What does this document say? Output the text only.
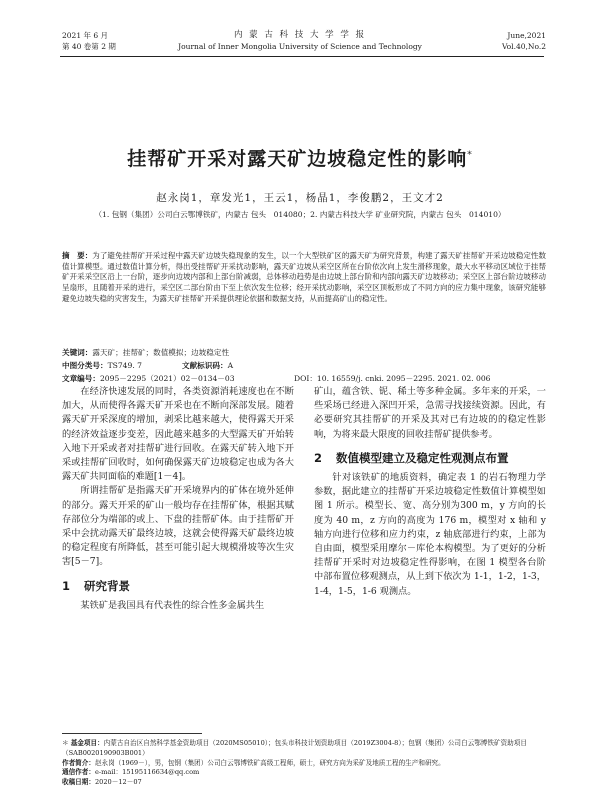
2021 年 6 月
第 40 卷第 2 期
内 蒙 古 科 技 大 学 学 报
Journal of Inner Mongolia University of Science and Technology
June,2021
Vol.40,No.2
挂帮矿开采对露天矿边坡稳定性的影响*
赵永岗1，章发光1，王云1，杨晶1，李俊鹏2，王文才2
（1. 包钢（集团）公司白云鄂博铁矿，内蒙古 包头　014080；2. 内蒙古科技大学 矿业研究院，内蒙古 包头　014010）
摘　要：为了避免挂帮矿开采过程中露天矿边坡失稳现象的发生，以一个大型铁矿区的露天矿为研究背景，构建了露天矿挂帮矿开采边坡稳定性数值计算模型。通过数值计算分析，得出受挂帮矿开采扰动影响，露天矿边坡从采空区所在台阶依次向上发生滑移现象，最大水平移动区域位于挂帮矿开采采空区沿上一台阶，逐步向边坡内部和上部台阶减弱，总体移动趋势是由边坡上部台阶和内部向露天矿边坡移动；采空区上部台阶边坡移动呈扇形，且随着开采的进行，采空区二部台阶由下至上依次发生位移；经开采扰动影响，采空区顶板形成了不同方向的应力集中现象，该研究能够避免边坡失稳的灾害发生，为露天矿挂帮矿开采提供理论依据和数据支持，从而提高矿山的稳定性。
关键词：露天矿；挂帮矿；数值模拟；边坡稳定性
中图分类号：TS749. 7	文献标识码：A
文章编号：2095－2295（2021）02－0134－03	DOI：10. 16559/j. cnki. 2095－2295. 2021. 02. 006

在经济快速发展的同时，各类资源消耗速度也在不断加大，从而使得各露天矿开采也在不断向深部发展。随着露天矿开采深度的增加，剥采比越来越大，使得露天开采的经济效益逐步变差，因此越来越多的大型露天矿开始转入地下开采或者对挂帮矿进行回收。在露天矿转入地下开采或挂帮矿回收时，如何确保露天矿边坡稳定也成为各大露天矿共同面临的难题[1－4]。

所谓挂帮矿是指露天矿开采境界内的矿体在境外延伸的部分。露天开采的矿山一般均存在挂帮矿体，根据其赋存部位分为端部的或上、下盘的挂帮矿体。由于挂帮矿开采中会扰动露天矿最终边坡，这就会使得露天矿最终边坡的稳定程度有所降低，甚至可能引起大规模滑坡等次生灾害[5－7]。

1 研究背景

某铁矿是我国具有代表性的综合性多金属共生

矿山，蕴含铁、铌、稀土等多种金属。多年来的开采，一些采场已经进入深凹开采，急需寻找接续资源。因此，有必要研究其挂帮矿的开采及其对已有边坡的的稳定性影响，为将来最大限度的回收挂帮矿提供参考。

2 数值模型建立及稳定性观测点布置

针对该铁矿的地质资料，确定表 1 的岩石物理力学参数，据此建立的挂帮矿开采边坡稳定性数值计算模型如图 1 所示。模型长、宽、高分别为300 m，y 方向的长度为 40 m，z 方向的高度为 176 m，模型对 x 轴和 y 轴方向进行位移和应力约束，z 轴底部进行约束，上部为自由面，模型采用摩尔－库伦本构模型。为了更好的分析挂帮矿开采时对边坡稳定性得影响，在图 1 模型各台阶中部布置位移观测点，从上到下依次为 1-1，1-2，1-3，1-4，1-5，1-6 观测点。

＊ 基金项目：内蒙古自治区自然科学基金资助项目（2020MS05010）；包头市科技计划资助项目（2019Z3004-8）；包钢（集团）公司白云鄂博铁矿资助项目（SAB0020190903B001）
作者简介：赵永岗（1969－），男，包钢（集团）公司白云鄂博铁矿高级工程师，硕士，研究方向为采矿及地质工程的生产和研究。
通信作者：e-mail：15195116634@qq.com
收稿日期：2020－12－07
